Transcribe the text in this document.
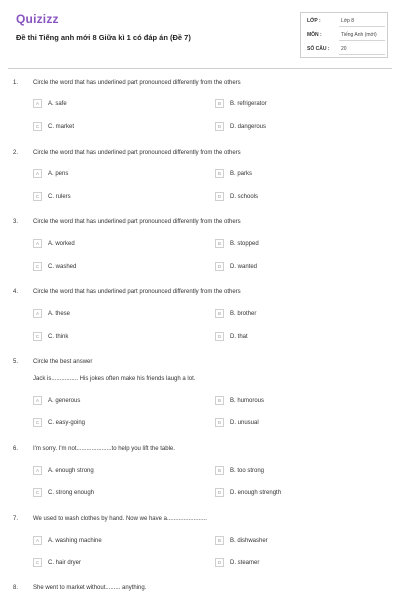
Quizizz
Đề thi Tiếng anh mới 8 Giữa kì 1 có đáp án (Đề 7)
LỚP :	Lớp 8
MÔN :	Tiếng Anh (mới)
SỐ CÂU : 20
1. Circle the word that has underlined part pronounced differently from the others
A	A. safe	B	B. refrigerator
C	C. market	D	D. dangerous
2. Circle the word that has underlined part pronounced differently from the others
A	A. pens	B	B. parks
C	C. rulers	D	D. schools
3. Circle the word that has underlined part pronounced differently from the others
A	A. worked	B	B. stopped
C	C. washed	D	D. wanted
4. Circle the word that has underlined part pronounced differently from the others
A	A. these	B	B. brother
C	C. think	D	D. that
5. Circle the best answer
Jack is................ His jokes often make his friends laugh a lot.
A	A. generous	B	B. humorous
C	C. easy-going	D	D. unusual
6. I'm sorry. I'm not.....................to help you lift the table.
A	A. enough strong	B	B. too strong
C	C. strong enough	D	D. enough strength
7. We used to wash clothes by hand. Now we have a........................
A	A. washing machine	B	B. dishwasher
C	C. hair dryer	D	D. steamer
8. She went to market without......... anything.
